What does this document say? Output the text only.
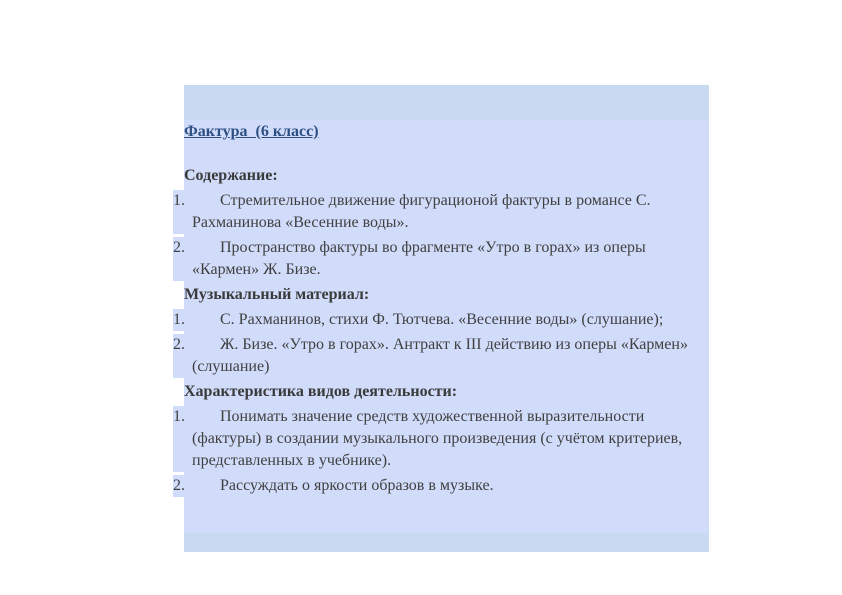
Фактура  (6 класс)
Содержание:
1.	Стремительное движение фигурационой фактуры в романсе С. Рахманинова «Весенние воды».
2.	Пространство фактуры во фрагменте «Утро в горах» из оперы «Кармен» Ж. Бизе.
Музыкальный материал:
1.	С. Рахманинов, стихи Ф. Тютчева. «Весенние воды» (слушание);
2.	Ж. Бизе. «Утро в горах». Антракт к III действию из оперы «Кармен» (слушание)
Характеристика видов деятельности:
1.	Понимать значение средств художественной выразительности (фактуры) в создании музыкального произведения (с учётом критериев, представленных в учебнике).
2.	Рассуждать о яркости образов в музыке.
